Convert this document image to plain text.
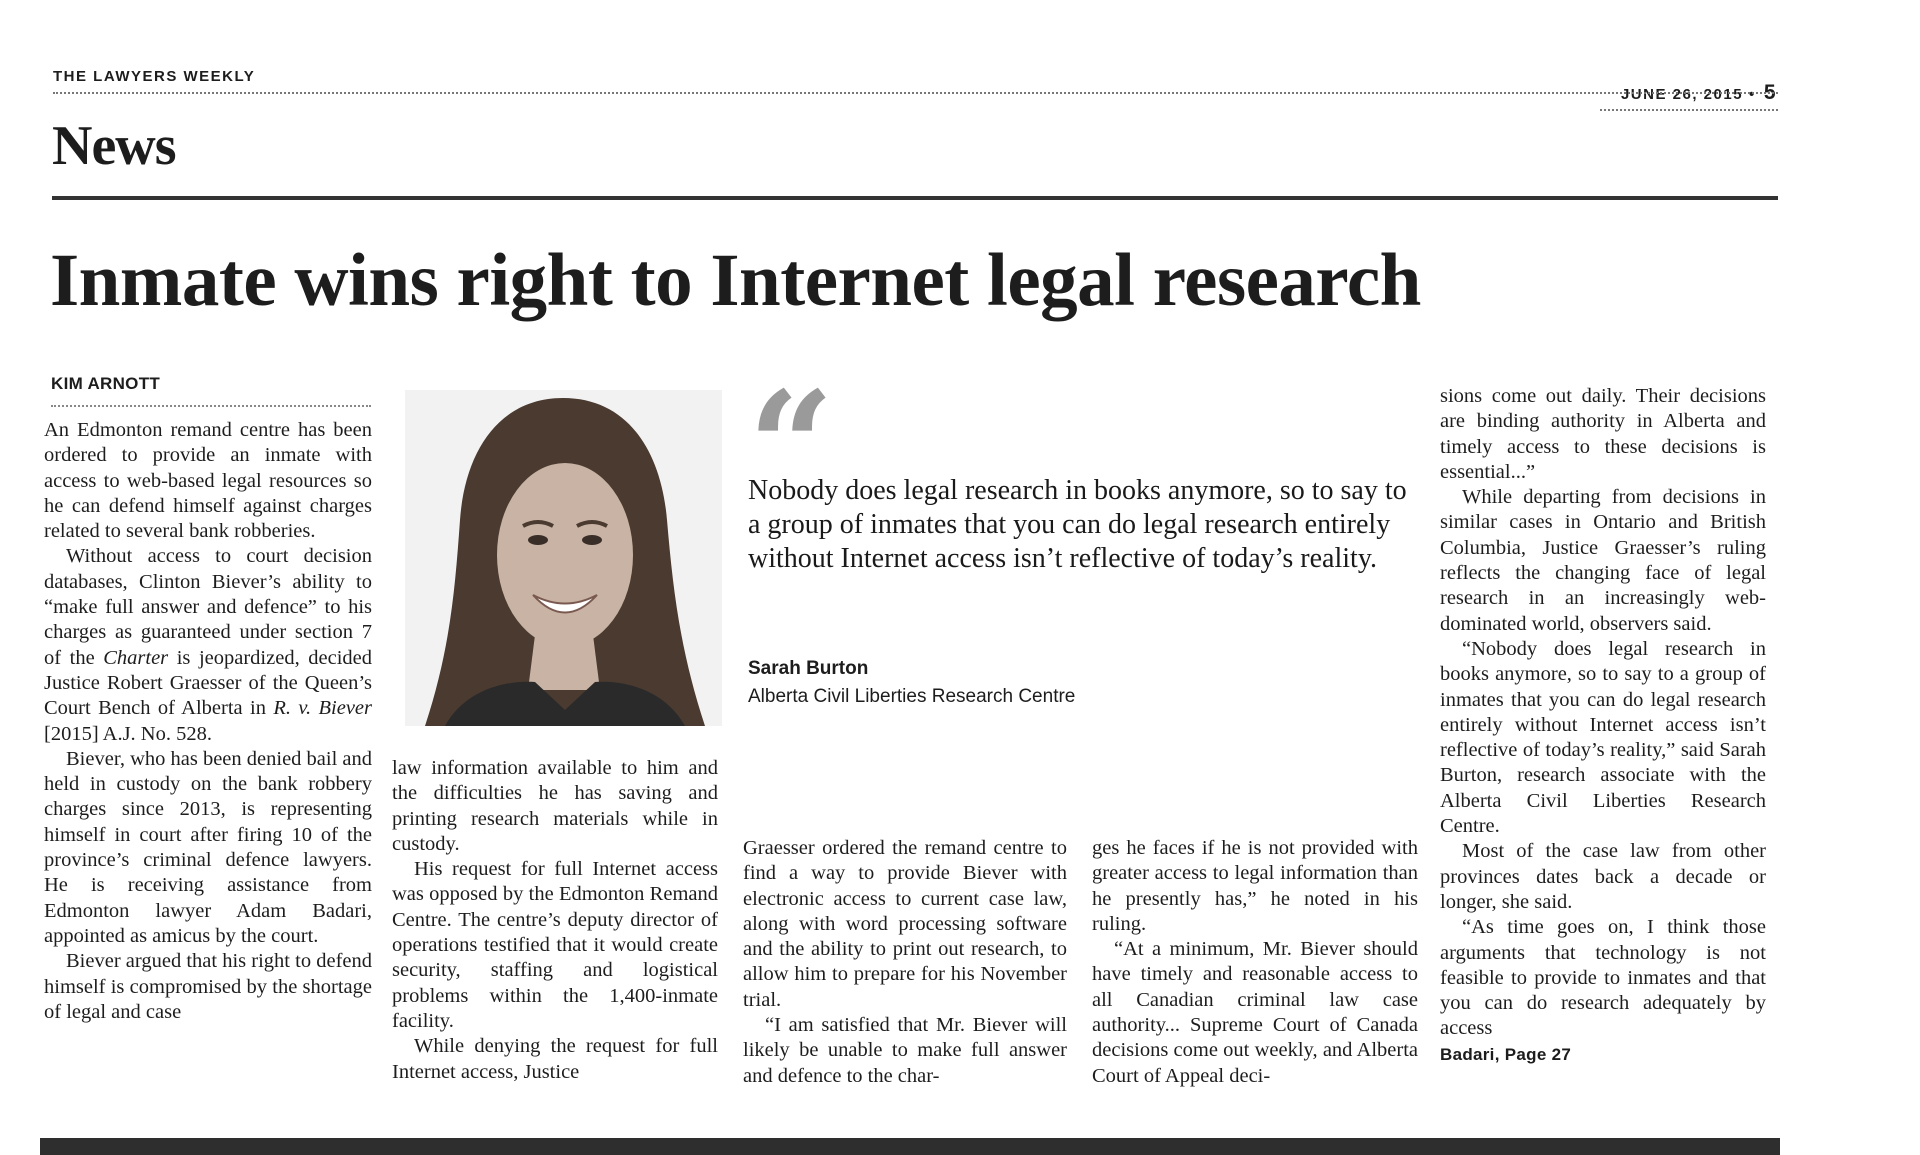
THE LAWYERS WEEKLY
JUNE 26, 2015 • 5
News
Inmate wins right to Internet legal research
KIM ARNOTT

An Edmonton remand centre has been ordered to provide an inmate with access to web-based legal resources so he can defend himself against charges related to several bank robberies.

Without access to court decision databases, Clinton Biever’s ability to “make full answer and defence” to his charges as guaranteed under section 7 of the Charter is jeopardized, decided Justice Robert Graesser of the Queen’s Court Bench of Alberta in R. v. Biever [2015] A.J. No. 528.

Biever, who has been denied bail and held in custody on the bank robbery charges since 2013, is representing himself in court after firing 10 of the province’s criminal defence lawyers. He is receiving assistance from Edmonton lawyer Adam Badari, appointed as amicus by the court.

Biever argued that his right to defend himself is compromised by the shortage of legal and case

“
Nobody does legal research in books anymore, so to say to a group of inmates that you can do legal research entirely without Internet access isn’t reflective of today’s reality.
Sarah Burton
Alberta Civil Liberties Research Centre

law information available to him and the difficulties he has saving and printing research materials while in custody.

His request for full Internet access was opposed by the Edmonton Remand Centre. The centre’s deputy director of operations testified that it would create security, staffing and logistical problems within the 1,400-inmate facility.

While denying the request for full Internet access, Justice

Graesser ordered the remand centre to find a way to provide Biever with electronic access to current case law, along with word processing software and the ability to print out research, to allow him to prepare for his November trial.

“I am satisfied that Mr. Biever will likely be unable to make full answer and defence to the char-

ges he faces if he is not provided with greater access to legal information than he presently has,” he noted in his ruling.

“At a minimum, Mr. Biever should have timely and reasonable access to all Canadian criminal law case authority... Supreme Court of Canada decisions come out weekly, and Alberta Court of Appeal deci-

sions come out daily. Their decisions are binding authority in Alberta and timely access to these decisions is essential...”

While departing from decisions in similar cases in Ontario and British Columbia, Justice Graesser’s ruling reflects the changing face of legal research in an increasingly web-dominated world, observers said.

“Nobody does legal research in books anymore, so to say to a group of inmates that you can do legal research entirely without Internet access isn’t reflective of today’s reality,” said Sarah Burton, research associate with the Alberta Civil Liberties Research Centre.

Most of the case law from other provinces dates back a decade or longer, she said.

“As time goes on, I think those arguments that technology is not feasible to provide to inmates and that you can do research adequately by access

Badari, Page 27
